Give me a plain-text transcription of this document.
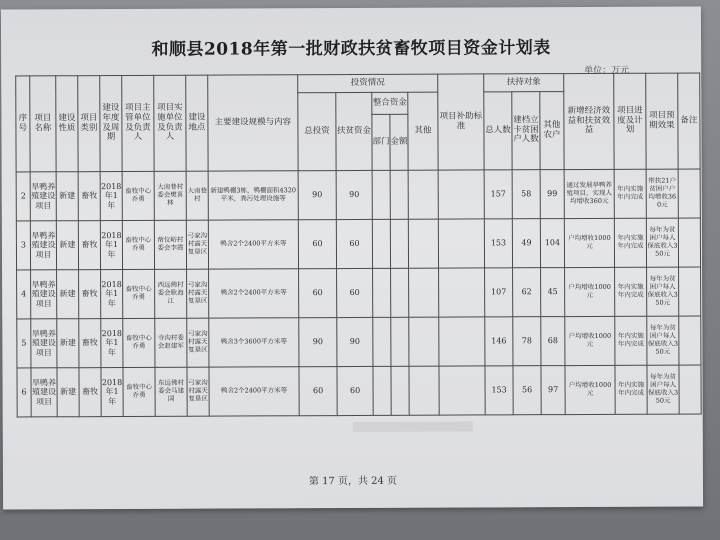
和顺县2018年第一批财政扶贫畜牧项目资金计划表
单位：万元
序号	项目名称	建设性质	项目类别	建设年度及周期	项目主管单位及负责人	项目实施单位及负责人	建设地点	主要建设规模与内容	投资情况					项目补助标准	扶持对象			新增经济效益和扶贫效益	项目进度及计划	项目预期效果	备注
									总投资	扶贫资金	整合资金		其他		总人数	建档立卡贫困户人数	其他农户				
											部门	金额									
2	旱鸭养殖建设项目	新建	畜牧	2018年1年	畜牧中心乔勇	大南巷村委会樊喜林	大南巷村	新建鸭棚3栋，鸭棚面积4320平米，粪污处理设施等	90	90					157	58	99	通过发展旱鸭养殖项目，实现人均增收360元	年内实施年内完成	带扶21户贫困户户均增收360元	
3	旱鸭养殖建设项目	新建	畜牧	2018年1年	畜牧中心乔勇	蓿仪峪村委会李霞	弓家沟村露天复垦区	鸭舍2个2400平方米等	60	60					153	49	104	户均增收1000元	年内实施年内完成	每年为贫困户每人保底收入350元	
4	旱鸭养殖建设项目	新建	畜牧	2018年1年	畜牧中心乔勇	西远佛村委会耿海江	弓家沟村露天复垦区	鸭舍2个2400平方米等	60	60					107	62	45	户均增收1000元	年内实施年内完成	每年为贫困户每人保底收入350元	
5	旱鸭养殖建设项目	新建	畜牧	2018年1年	畜牧中心乔勇	寺沟村委会赵建军	弓家沟村露天复垦区	鸭舍3个3600平方米等	90	90					146	78	68	户均增收1000元	年内实施年内完成	每年为贫困户每人保底收入350元	
6	旱鸭养殖建设项目	新建	畜牧	2018年1年	畜牧中心乔勇	东远佛村委会马建国	弓家沟村露天复垦区	鸭舍2个2400平方米等	60	60					153	56	97	户均增收1000元	年内实施年内完成	每年为贫困户每人保底收入350元	
第 17 页，共 24 页
